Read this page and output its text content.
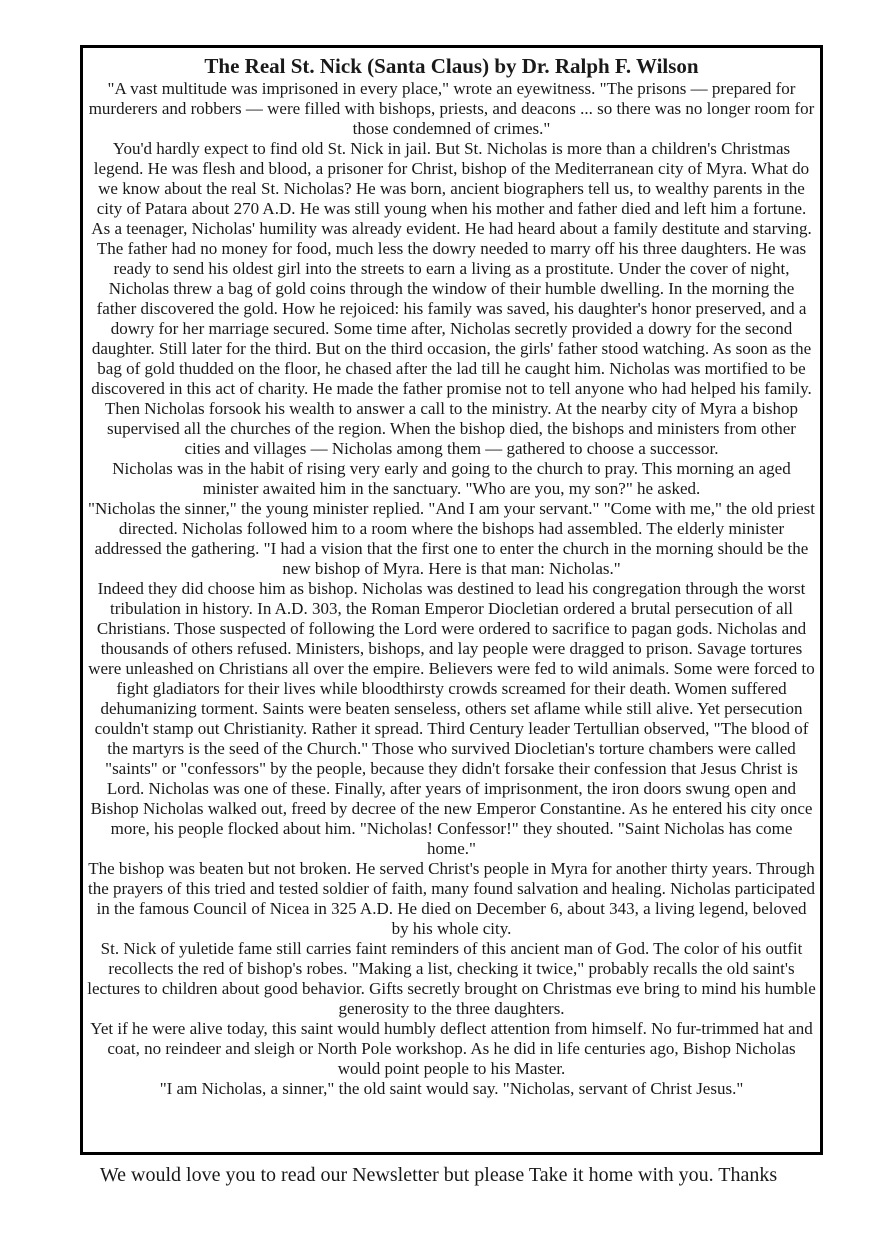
The Real St. Nick (Santa Claus) by Dr. Ralph F. Wilson

"A vast multitude was imprisoned in every place," wrote an eyewitness. "The prisons — prepared for murderers and robbers — were filled with bishops, priests, and deacons ... so there was no longer room for those condemned of crimes."

You'd hardly expect to find old St. Nick in jail. But St. Nicholas is more than a children's Christmas legend. He was flesh and blood, a prisoner for Christ, bishop of the Mediterranean city of Myra. What do we know about the real St. Nicholas? He was born, ancient biographers tell us, to wealthy parents in the city of Patara about 270 A.D. He was still young when his mother and father died and left him a fortune. As a teenager, Nicholas' humility was already evident. He had heard about a family destitute and starving. The father had no money for food, much less the dowry needed to marry off his three daughters. He was ready to send his oldest girl into the streets to earn a living as a prostitute. Under the cover of night, Nicholas threw a bag of gold coins through the window of their humble dwelling. In the morning the father discovered the gold. How he rejoiced: his family was saved, his daughter's honor preserved, and a dowry for her marriage secured. Some time after, Nicholas secretly provided a dowry for the second daughter. Still later for the third. But on the third occasion, the girls' father stood watching. As soon as the bag of gold thudded on the floor, he chased after the lad till he caught him. Nicholas was mortified to be discovered in this act of charity. He made the father promise not to tell anyone who had helped his family. Then Nicholas forsook his wealth to answer a call to the ministry. At the nearby city of Myra a bishop supervised all the churches of the region. When the bishop died, the bishops and ministers from other cities and villages — Nicholas among them — gathered to choose a successor.

Nicholas was in the habit of rising very early and going to the church to pray. This morning an aged minister awaited him in the sanctuary. "Who are you, my son?" he asked.

"Nicholas the sinner," the young minister replied. "And I am your servant." "Come with me," the old priest directed. Nicholas followed him to a room where the bishops had assembled. The elderly minister addressed the gathering. "I had a vision that the first one to enter the church in the morning should be the new bishop of Myra. Here is that man: Nicholas."

Indeed they did choose him as bishop. Nicholas was destined to lead his congregation through the worst tribulation in history. In A.D. 303, the Roman Emperor Diocletian ordered a brutal persecution of all Christians. Those suspected of following the Lord were ordered to sacrifice to pagan gods. Nicholas and thousands of others refused. Ministers, bishops, and lay people were dragged to prison. Savage tortures were unleashed on Christians all over the empire. Believers were fed to wild animals. Some were forced to fight gladiators for their lives while bloodthirsty crowds screamed for their death. Women suffered dehumanizing torment. Saints were beaten senseless, others set aflame while still alive. Yet persecution couldn't stamp out Christianity. Rather it spread. Third Century leader Tertullian observed, "The blood of the martyrs is the seed of the Church." Those who survived Diocletian's torture chambers were called "saints" or "confessors" by the people, because they didn't forsake their confession that Jesus Christ is Lord. Nicholas was one of these. Finally, after years of imprisonment, the iron doors swung open and Bishop Nicholas walked out, freed by decree of the new Emperor Constantine. As he entered his city once more, his people flocked about him. "Nicholas! Confessor!" they shouted. "Saint Nicholas has come home."

The bishop was beaten but not broken. He served Christ's people in Myra for another thirty years. Through the prayers of this tried and tested soldier of faith, many found salvation and healing. Nicholas participated in the famous Council of Nicea in 325 A.D. He died on December 6, about 343, a living legend, beloved by his whole city.

St. Nick of yuletide fame still carries faint reminders of this ancient man of God. The color of his outfit recollects the red of bishop's robes. "Making a list, checking it twice," probably recalls the old saint's lectures to children about good behavior. Gifts secretly brought on Christmas eve bring to mind his humble generosity to the three daughters.

Yet if he were alive today, this saint would humbly deflect attention from himself. No fur-trimmed hat and coat, no reindeer and sleigh or North Pole workshop. As he did in life centuries ago, Bishop Nicholas would point people to his Master.

"I am Nicholas, a sinner," the old saint would say. "Nicholas, servant of Christ Jesus."

We would love you to read our Newsletter but please Take it home with you. Thanks
